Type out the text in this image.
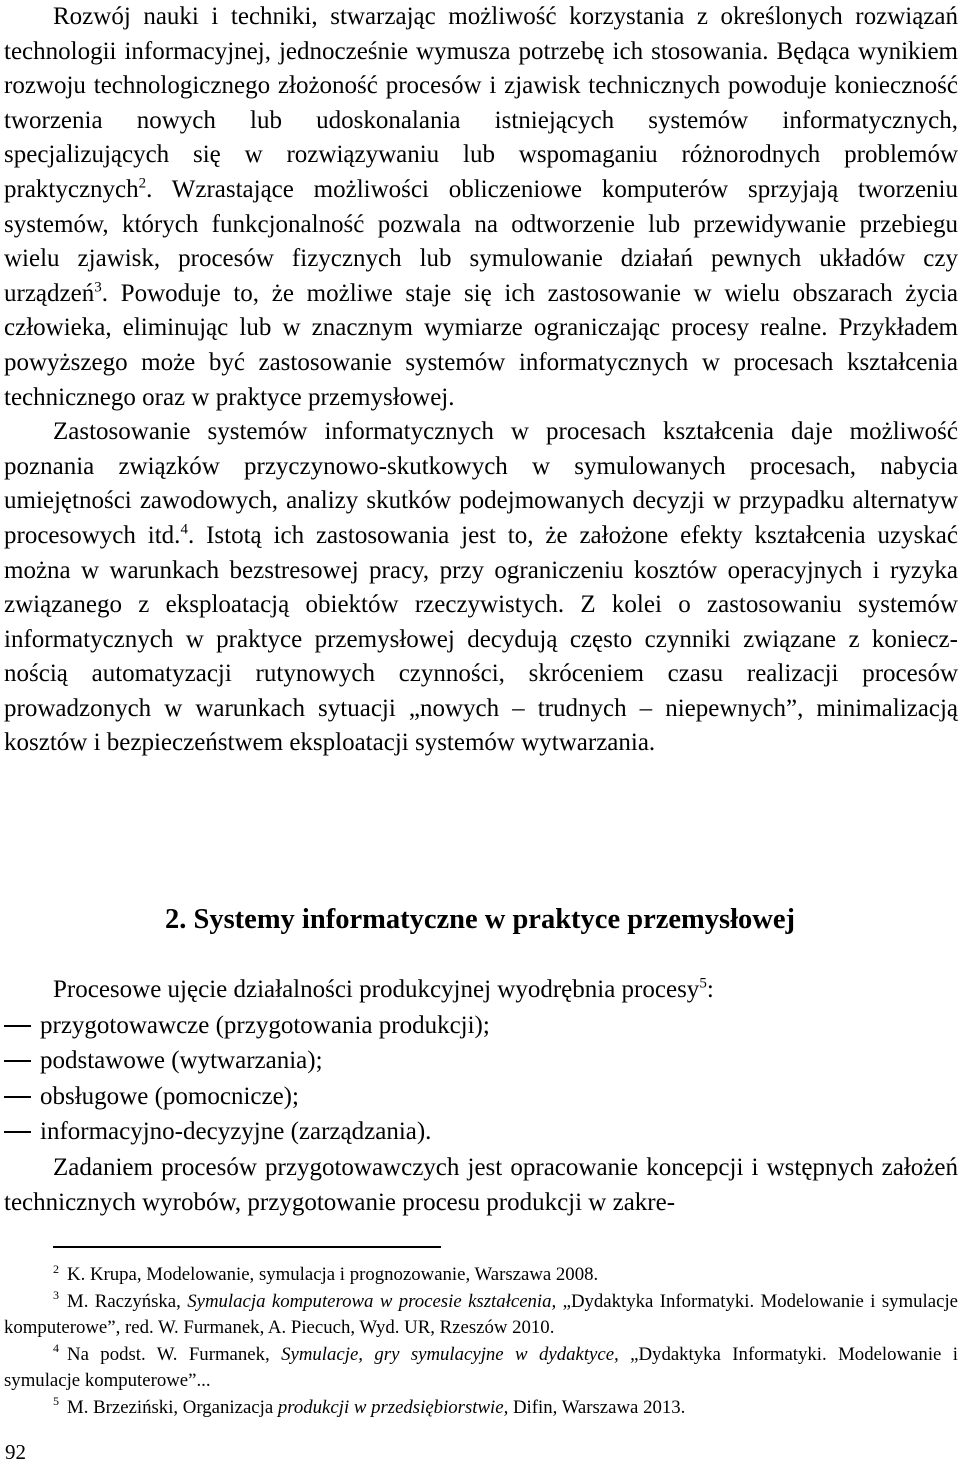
Rozwój nauki i techniki, stwarzając możliwość korzystania z określonych rozwiązań technologii informacyjnej, jednocześnie wymusza potrzebę ich stosowania. Będąca wynikiem rozwoju technologicznego złożoność procesów i zjawisk technicznych powoduje konieczność tworzenia nowych lub udoskonalania istniejących systemów informatycznych, specjalizujących się w rozwiązywaniu lub wspomaganiu różnorodnych problemów praktycznych$^2$. Wzrastające możliwości obliczeniowe komputerów sprzyjają tworzeniu systemów, których funkcjonalność pozwala na odtworzenie lub przewidywanie przebiegu wielu zjawisk, procesów fizycznych lub symulowanie działań pewnych układów czy urządzeń$^3$. Powoduje to, że możliwe staje się ich zastosowanie w wielu obszarach życia człowieka, eliminując lub w znacznym wymiarze ograniczając procesy realne. Przykładem powyższego może być zastosowanie systemów informatycznych w procesach kształcenia technicznego oraz w praktyce przemysłowej.

Zastosowanie systemów informatycznych w procesach kształcenia daje możliwość poznania związków przyczynowo-skutkowych w symulowanych procesach, nabycia umiejętności zawodowych, analizy skutków podejmowanych decyzji w przypadku alternatyw procesowych itd.$^4$. Istotą ich zastosowania jest to, że założone efekty kształcenia uzyskać można w warunkach bezstresowej pracy, przy ograniczeniu kosztów operacyjnych i ryzyka związanego z eksploatacją obiektów rzeczywistych. Z kolei o zastosowaniu systemów informatycznych w praktyce przemysłowej decydują często czynniki związane z koniecznością automatyzacji rutynowych czynności, skróceniem czasu realizacji procesów prowadzonych w warunkach sytuacji „nowych – trudnych – niepewnych”, minimalizacją kosztów i bezpieczeństwem eksploatacji systemów wytwarzania.

2. Systemy informatyczne w praktyce przemysłowej

Procesowe ujęcie działalności produkcyjnej wyodrębnia procesy$^5$:

przygotowawcze (przygotowania produkcji);
podstawowe (wytwarzania);
obsługowe (pomocnicze);
informacyjno-decyzyjne (zarządzania).

Zadaniem procesów przygotowawczych jest opracowanie koncepcji i wstępnych założeń technicznych wyrobów, przygotowanie procesu produkcji w zakre-

$^2$ K. Krupa, Modelowanie, symulacja i prognozowanie, Warszawa 2008.

$^3$ M. Raczyńska, Symulacja komputerowa w procesie kształcenia, „Dydaktyka Informatyki. Modelowanie i symulacje komputerowe”, red. W. Furmanek, A. Piecuch, Wyd. UR, Rzeszów 2010.

$^4$ Na podst. W. Furmanek, Symulacje, gry symulacyjne w dydaktyce, „Dydaktyka Informatyki. Modelowanie i symulacje komputerowe”...

$^5$ M. Brzeziński, Organizacja produkcji w przedsiębiorstwie, Difin, Warszawa 2013.

92
